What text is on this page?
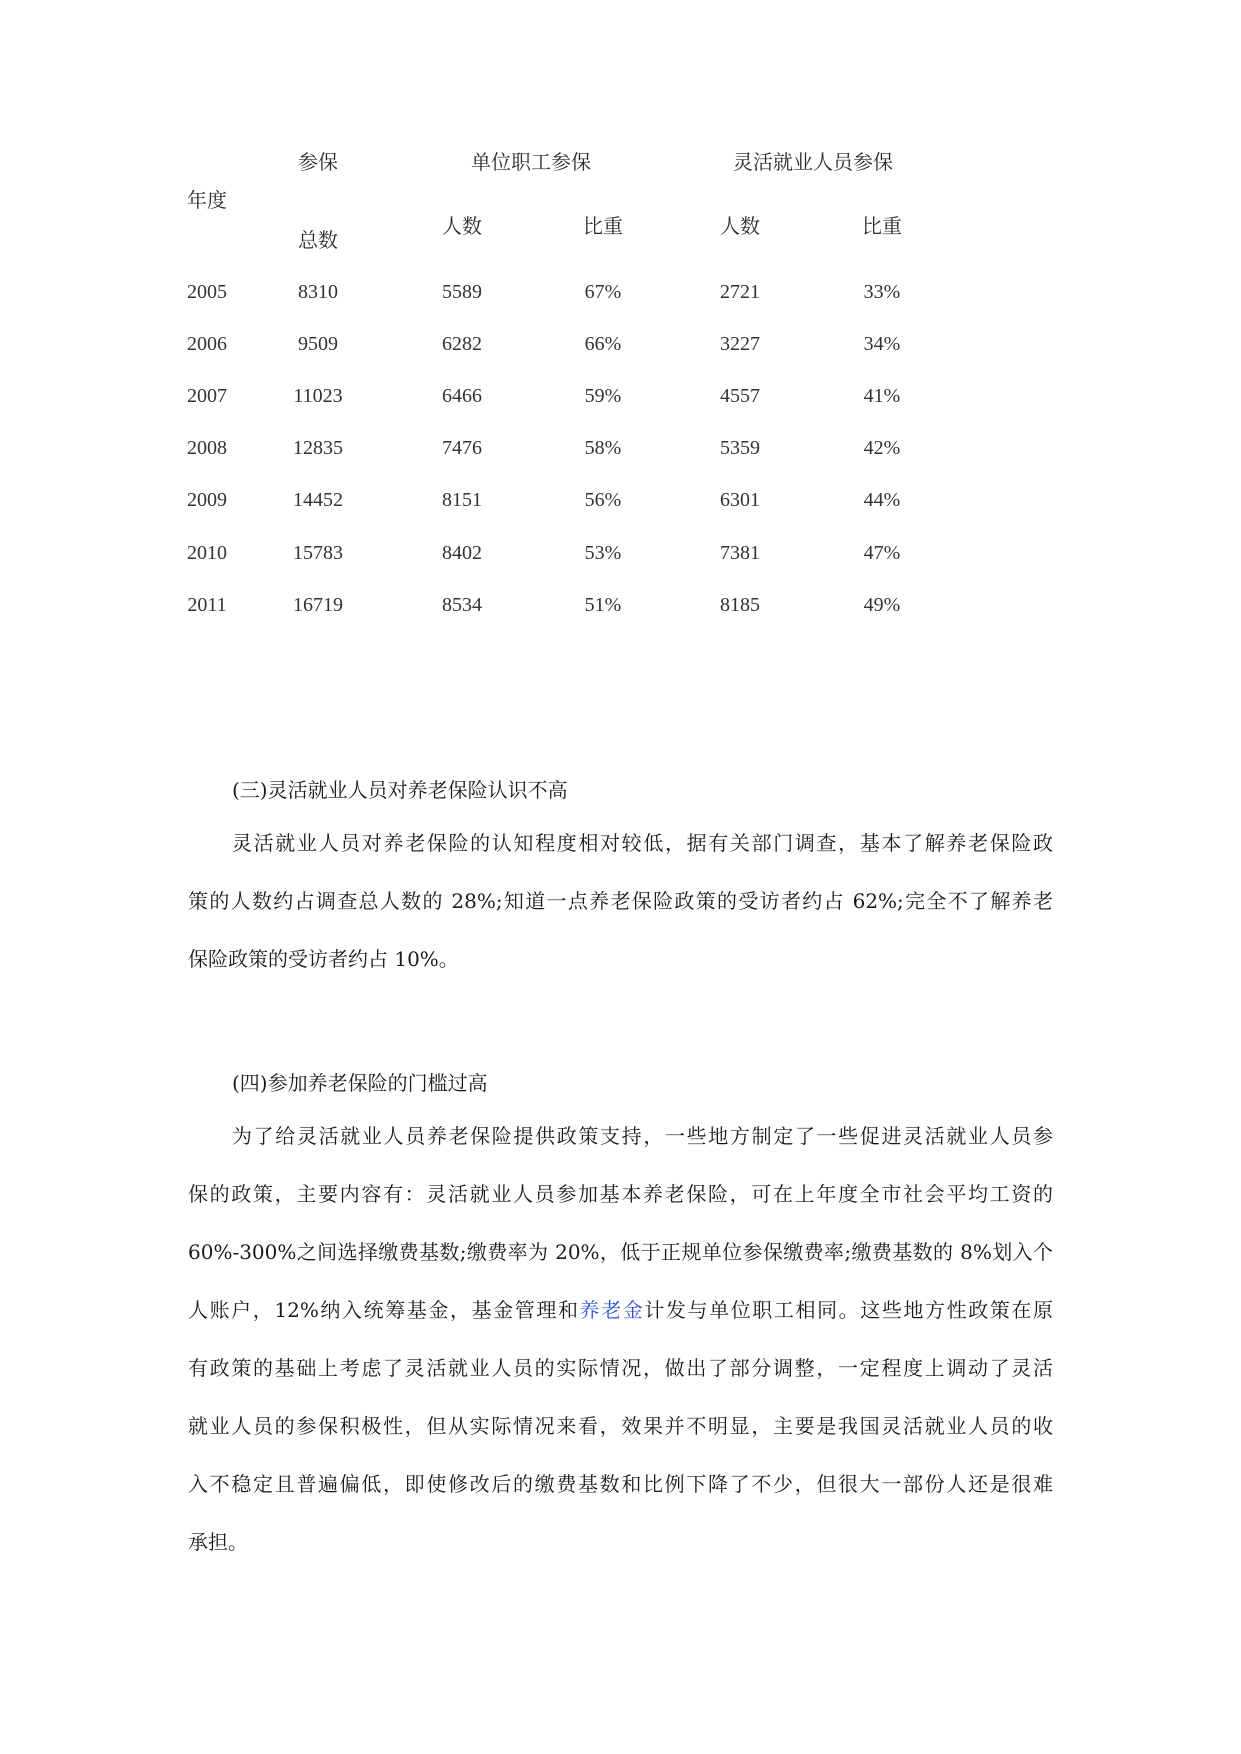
年度
参保
总数
单位职工参保	灵活就业人员参保
人数	比重	人数	比重
2005	8310	5589	67%	2721	33%
2006	9509	6282	66%	3227	34%
2007	11023	6466	59%	4557	41%
2008	12835	7476	58%	5359	42%
2009	14452	8151	56%	6301	44%
2010	15783	8402	53%	7381	47%
2011	16719	8534	51%	8185	49%
(三)灵活就业人员对养老保险认识不高
灵活就业人员对养老保险的认知程度相对较低，据有关部门调查，基本了解养老保险政
策的人数约占调查总人数的 28%;知道一点养老保险政策的受访者约占 62%;完全不了解养老
保险政策的受访者约占 10%。
(四)参加养老保险的门槛过高
为了给灵活就业人员养老保险提供政策支持，一些地方制定了一些促进灵活就业人员参
保的政策，主要内容有：灵活就业人员参加基本养老保险，可在上年度全市社会平均工资的
60%-300%之间选择缴费基数;缴费率为 20%，低于正规单位参保缴费率;缴费基数的 8%划入个
人账户，12%纳入统筹基金，基金管理和养老金计发与单位职工相同。这些地方性政策在原
有政策的基础上考虑了灵活就业人员的实际情况，做出了部分调整，一定程度上调动了灵活
就业人员的参保积极性，但从实际情况来看，效果并不明显，主要是我国灵活就业人员的收
入不稳定且普遍偏低，即使修改后的缴费基数和比例下降了不少，但很大一部份人还是很难
承担。
